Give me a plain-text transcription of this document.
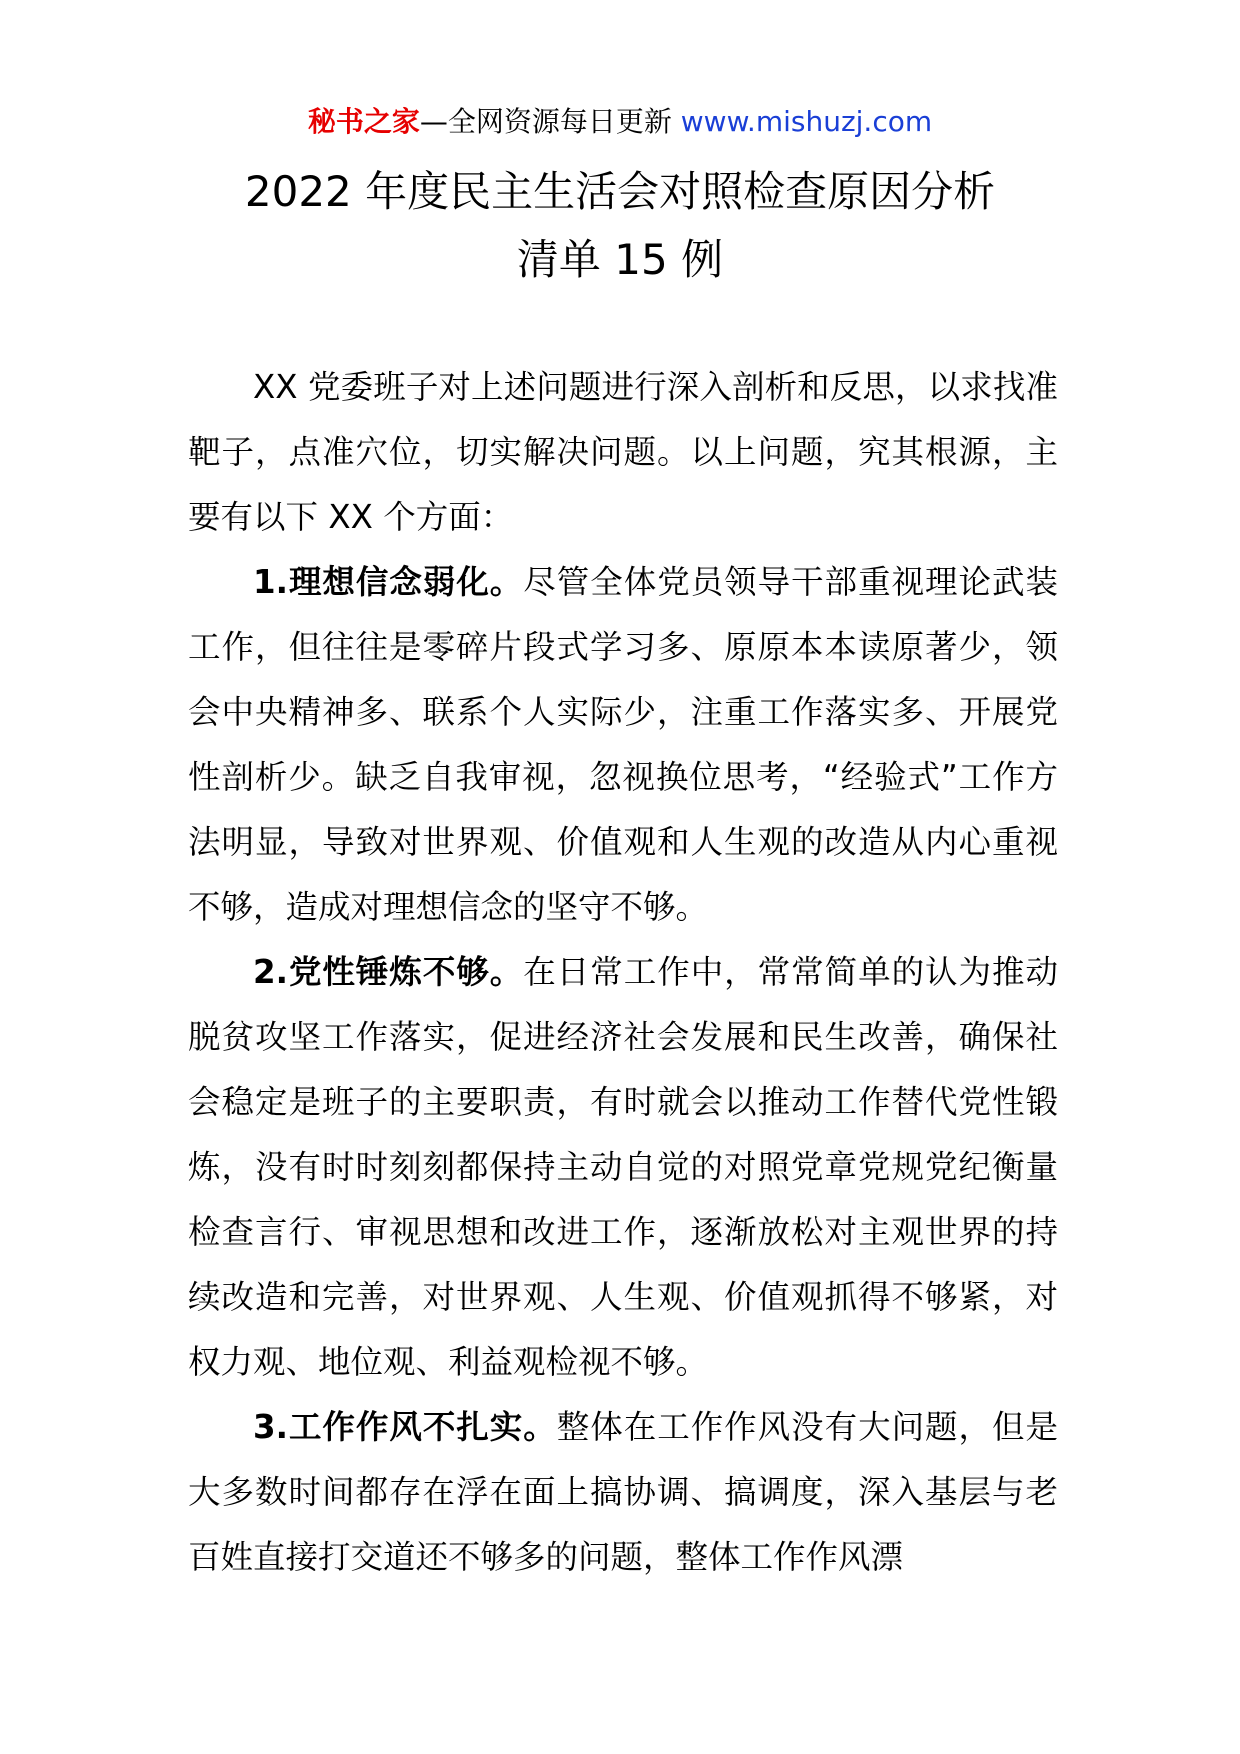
秘书之家—全网资源每日更新 www.mishuzj.com
2022 年度民主生活会对照检查原因分析
清单 15 例

XX 党委班子对上述问题进行深入剖析和反思，以求找准靶子，点准穴位，切实解决问题。以上问题，究其根源，主要有以下 XX 个方面：

1.理想信念弱化。尽管全体党员领导干部重视理论武装工作，但往往是零碎片段式学习多、原原本本读原著少，领会中央精神多、联系个人实际少，注重工作落实多、开展党性剖析少。缺乏自我审视，忽视换位思考，“经验式”工作方法明显，导致对世界观、价值观和人生观的改造从内心重视不够，造成对理想信念的坚守不够。

2.党性锤炼不够。在日常工作中，常常简单的认为推动脱贫攻坚工作落实，促进经济社会发展和民生改善，确保社会稳定是班子的主要职责，有时就会以推动工作替代党性锻炼，没有时时刻刻都保持主动自觉的对照党章党规党纪衡量检查言行、审视思想和改进工作，逐渐放松对主观世界的持续改造和完善，对世界观、人生观、价值观抓得不够紧，对权力观、地位观、利益观检视不够。

3.工作作风不扎实。整体在工作作风没有大问题，但是大多数时间都存在浮在面上搞协调、搞调度，深入基层与老百姓直接打交道还不够多的问题，整体工作作风漂
